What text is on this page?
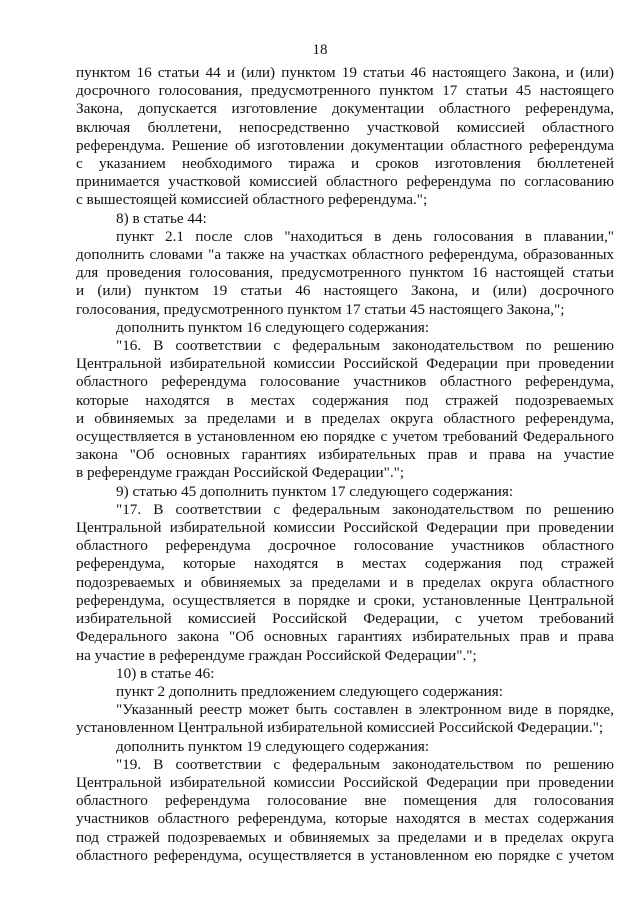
18

пунктом 16 статьи 44 и (или) пунктом 19 статьи 46 настоящего Закона, и (или)

досрочного голосования, предусмотренного пунктом 17 статьи 45 настоящего

Закона, допускается изготовление документации областного референдума,

включая бюллетени, непосредственно участковой комиссией областного

референдума. Решение об изготовлении документации областного референдума

с указанием необходимого тиража и сроков изготовления бюллетеней

принимается участковой комиссией областного референдума по согласованию

с вышестоящей комиссией областного референдума.";

8) в статье 44:

пункт 2.1 после слов "находиться в день голосования в плавании,"

дополнить словами "а также на участках областного референдума, образованных

для проведения голосования, предусмотренного пунктом 16 настоящей статьи

и (или) пунктом 19 статьи 46 настоящего Закона, и (или) досрочного

голосования, предусмотренного пунктом 17 статьи 45 настоящего Закона,";

дополнить пунктом 16 следующего содержания:

"16. В соответствии с федеральным законодательством по решению

Центральной избирательной комиссии Российской Федерации при проведении

областного референдума голосование участников областного референдума,

которые находятся в местах содержания под стражей подозреваемых

и обвиняемых за пределами и в пределах округа областного референдума,

осуществляется в установленном ею порядке с учетом требований Федерального

закона "Об основных гарантиях избирательных прав и права на участие

в референдуме граждан Российской Федерации".";

9) статью 45 дополнить пунктом 17 следующего содержания:

"17. В соответствии с федеральным законодательством по решению

Центральной избирательной комиссии Российской Федерации при проведении

областного референдума досрочное голосование участников областного

референдума, которые находятся в местах содержания под стражей

подозреваемых и обвиняемых за пределами и в пределах округа областного

референдума, осуществляется в порядке и сроки, установленные Центральной

избирательной комиссией Российской Федерации, с учетом требований

Федерального закона "Об основных гарантиях избирательных прав и права

на участие в референдуме граждан Российской Федерации".";

10) в статье 46:

пункт 2 дополнить предложением следующего содержания:

"Указанный реестр может быть составлен в электронном виде в порядке,

установленном Центральной избирательной комиссией Российской Федерации.";

дополнить пунктом 19 следующего содержания:

"19. В соответствии с федеральным законодательством по решению

Центральной избирательной комиссии Российской Федерации при проведении

областного референдума голосование вне помещения для голосования

участников областного референдума, которые находятся в местах содержания

под стражей подозреваемых и обвиняемых за пределами и в пределах округа

областного референдума, осуществляется в установленном ею порядке с учетом
